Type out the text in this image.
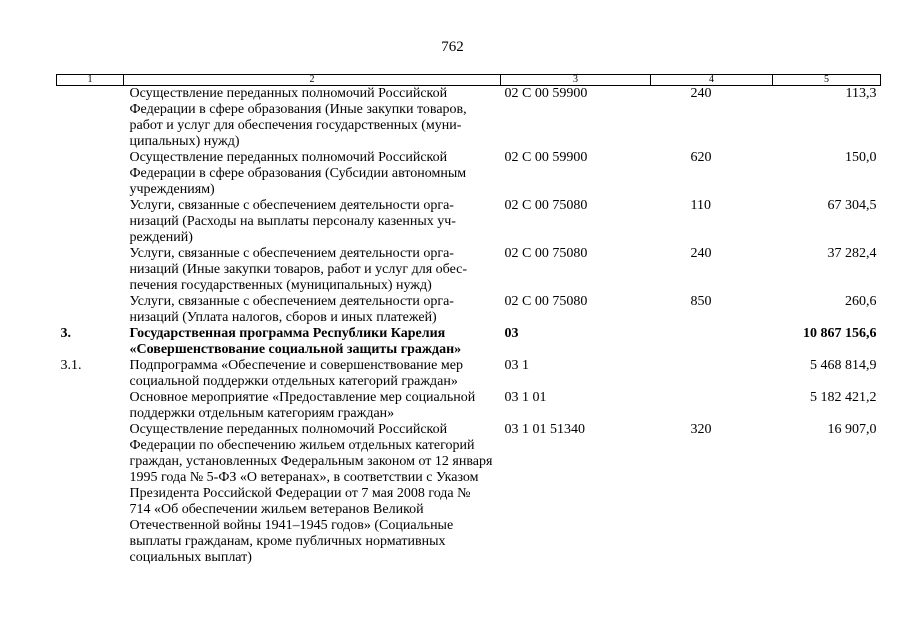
762
1	2	3	4	5
	Осуществление переданных полномочий Российской Федерации в сфере образования (Иные закупки товаров, работ и услуг для обеспечения государственных (муниципальных) нужд)	02 С 00 59900	240	113,3
	Осуществление переданных полномочий Российской Федерации в сфере образования (Субсидии автономным учреждениям)	02 С 00 59900	620	150,0
	Услуги, связанные с обеспечением деятельности организаций (Расходы на выплаты персоналу казенных учреждений)	02 С 00 75080	110	67 304,5
	Услуги, связанные с обеспечением деятельности организаций (Иные закупки товаров, работ и услуг для обеспечения государственных (муниципальных) нужд)	02 С 00 75080	240	37 282,4
	Услуги, связанные с обеспечением деятельности организаций (Уплата налогов, сборов и иных платежей)	02 С 00 75080	850	260,6
3.	Государственная программа Республики Карелия «Совершенствование социальной защиты граждан»	03		10 867 156,6
3.1.	Подпрограмма «Обеспечение и совершенствование мер социальной поддержки отдельных категорий граждан»	03 1		5 468 814,9
	Основное мероприятие «Предоставление мер социальной поддержки отдельным категориям граждан»	03 1 01		5 182 421,2
	Осуществление переданных полномочий Российской Федерации по обеспечению жильем отдельных категорий граждан, установленных Федеральным законом от 12 января 1995 года № 5-ФЗ «О ветеранах», в соответствии с Указом Президента Российской Федерации от 7 мая 2008 года № 714 «Об обеспечении жильем ветеранов Великой Отечественной войны 1941–1945 годов» (Социальные выплаты гражданам, кроме публичных нормативных социальных выплат)	03 1 01 51340	320	16 907,0
